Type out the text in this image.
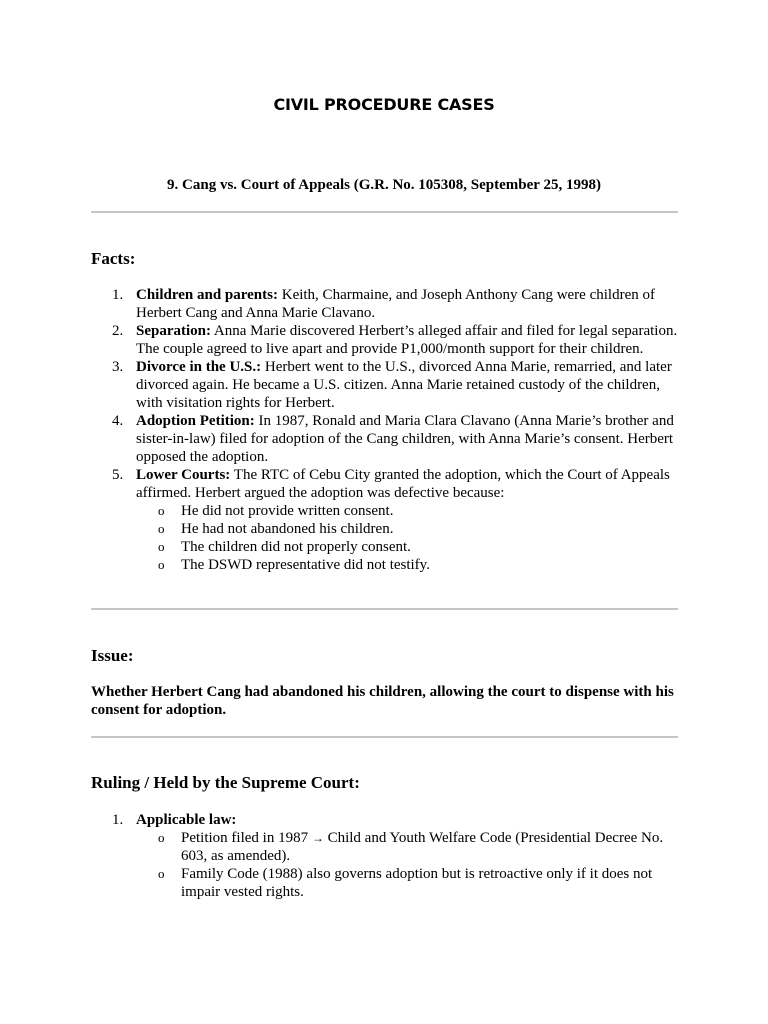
CIVIL PROCEDURE CASES
9. Cang vs. Court of Appeals (G.R. No. 105308, September 25, 1998)
Facts:
1. Children and parents: Keith, Charmaine, and Joseph Anthony Cang were children of Herbert Cang and Anna Marie Clavano.
2. Separation: Anna Marie discovered Herbert’s alleged affair and filed for legal separation. The couple agreed to live apart and provide P1,000/month support for their children.
3. Divorce in the U.S.: Herbert went to the U.S., divorced Anna Marie, remarried, and later divorced again. He became a U.S. citizen. Anna Marie retained custody of the children, with visitation rights for Herbert.
4. Adoption Petition: In 1987, Ronald and Maria Clara Clavano (Anna Marie’s brother and sister-in-law) filed for adoption of the Cang children, with Anna Marie’s consent. Herbert opposed the adoption.
5. Lower Courts: The RTC of Cebu City granted the adoption, which the Court of Appeals affirmed. Herbert argued the adoption was defective because:
o He did not provide written consent.
o He had not abandoned his children.
o The children did not properly consent.
o The DSWD representative did not testify.
Issue:
Whether Herbert Cang had abandoned his children, allowing the court to dispense with his consent for adoption.
Ruling / Held by the Supreme Court:
1. Applicable law:
o Petition filed in 1987 → Child and Youth Welfare Code (Presidential Decree No. 603, as amended).
o Family Code (1988) also governs adoption but is retroactive only if it does not impair vested rights.
